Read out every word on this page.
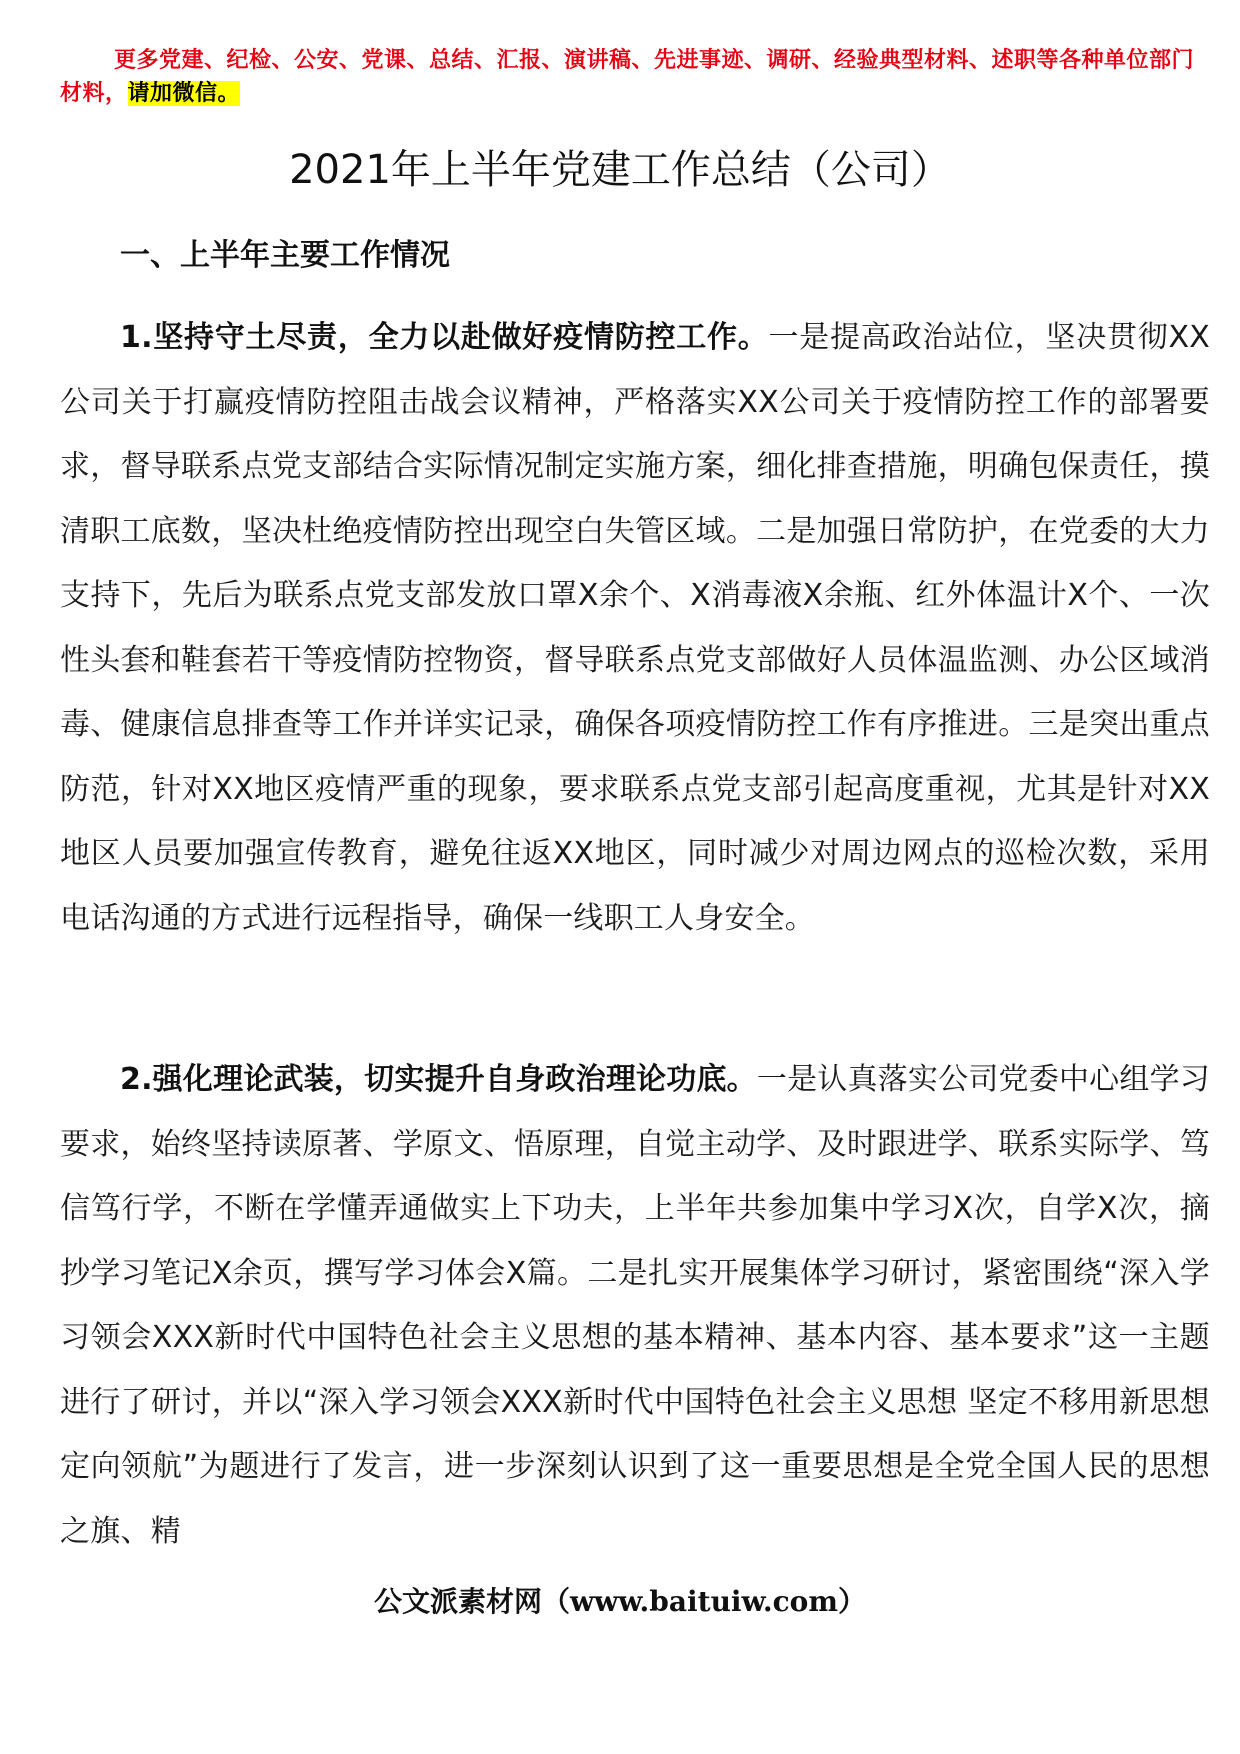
更多党建、纪检、公安、党课、总结、汇报、演讲稿、先进事迹、调研、经验典型材料、述职等各种单位部门材料，请加微信。
2021年上半年党建工作总结（公司）
一、上半年主要工作情况
1.坚持守土尽责，全力以赴做好疫情防控工作。一是提高政治站位，坚决贯彻XX公司关于打赢疫情防控阻击战会议精神，严格落实XX公司关于疫情防控工作的部署要求，督导联系点党支部结合实际情况制定实施方案，细化排查措施，明确包保责任，摸清职工底数，坚决杜绝疫情防控出现空白失管区域。二是加强日常防护，在党委的大力支持下，先后为联系点党支部发放口罩X余个、X消毒液X余瓶、红外体温计X个、一次性头套和鞋套若干等疫情防控物资，督导联系点党支部做好人员体温监测、办公区域消毒、健康信息排查等工作并详实记录，确保各项疫情防控工作有序推进。三是突出重点防范，针对XX地区疫情严重的现象，要求联系点党支部引起高度重视，尤其是针对XX地区人员要加强宣传教育，避免往返XX地区，同时减少对周边网点的巡检次数，采用电话沟通的方式进行远程指导，确保一线职工人身安全。
2.强化理论武装，切实提升自身政治理论功底。一是认真落实公司党委中心组学习要求，始终坚持读原著、学原文、悟原理，自觉主动学、及时跟进学、联系实际学、笃信笃行学，不断在学懂弄通做实上下功夫，上半年共参加集中学习X次，自学X次，摘抄学习笔记X余页，撰写学习体会X篇。二是扎实开展集体学习研讨，紧密围绕“深入学习领会XXX新时代中国特色社会主义思想的基本精神、基本内容、基本要求”这一主题进行了研讨，并以“深入学习领会XXX新时代中国特色社会主义思想 坚定不移用新思想定向领航”为题进行了发言，进一步深刻认识到了这一重要思想是全党全国人民的思想之旗、精
公文派素材网（www.baituiw.com）
